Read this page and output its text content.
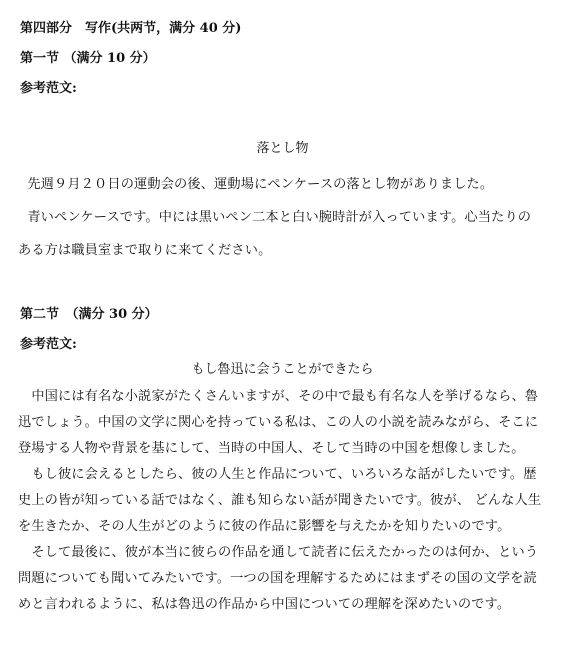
第四部分　写作(共两节，满分 40 分)
第一节 （满分 10 分）
参考范文:
落とし物
　先週９月２０日の運動会の後、運動場にペンケースの落とし物がありました。
　青いペンケースです。中には黒いペン二本と白い腕時計が入っています。心当たりの
ある方は職員室まで取りに来てください。
第二节　（满分 30 分）
参考范文:
もし魯迅に会うことができたら
　中国には有名な小説家がたくさんいますが、その中で最も有名な人を挙げるなら、魯
迅でしょう。中国の文学に関心を持っている私は、この人の小説を読みながら、そこに
登場する人物や背景を基にして、当時の中国人、そして当時の中国を想像しました。
　もし彼に会えるとしたら、彼の人生と作品について、いろいろな話がしたいです。歴
史上の皆が知っている話ではなく、誰も知らない話が聞きたいです。彼が、 どんな人生
を生きたか、その人生がどのように彼の作品に影響を与えたかを知りたいのです。
　そして最後に、彼が本当に彼らの作品を通して読者に伝えたかったのは何か、という
問題についても聞いてみたいです。一つの国を理解するためにはまずその国の文学を読
めと言われるように、私は魯迅の作品から中国についての理解を深めたいのです。
